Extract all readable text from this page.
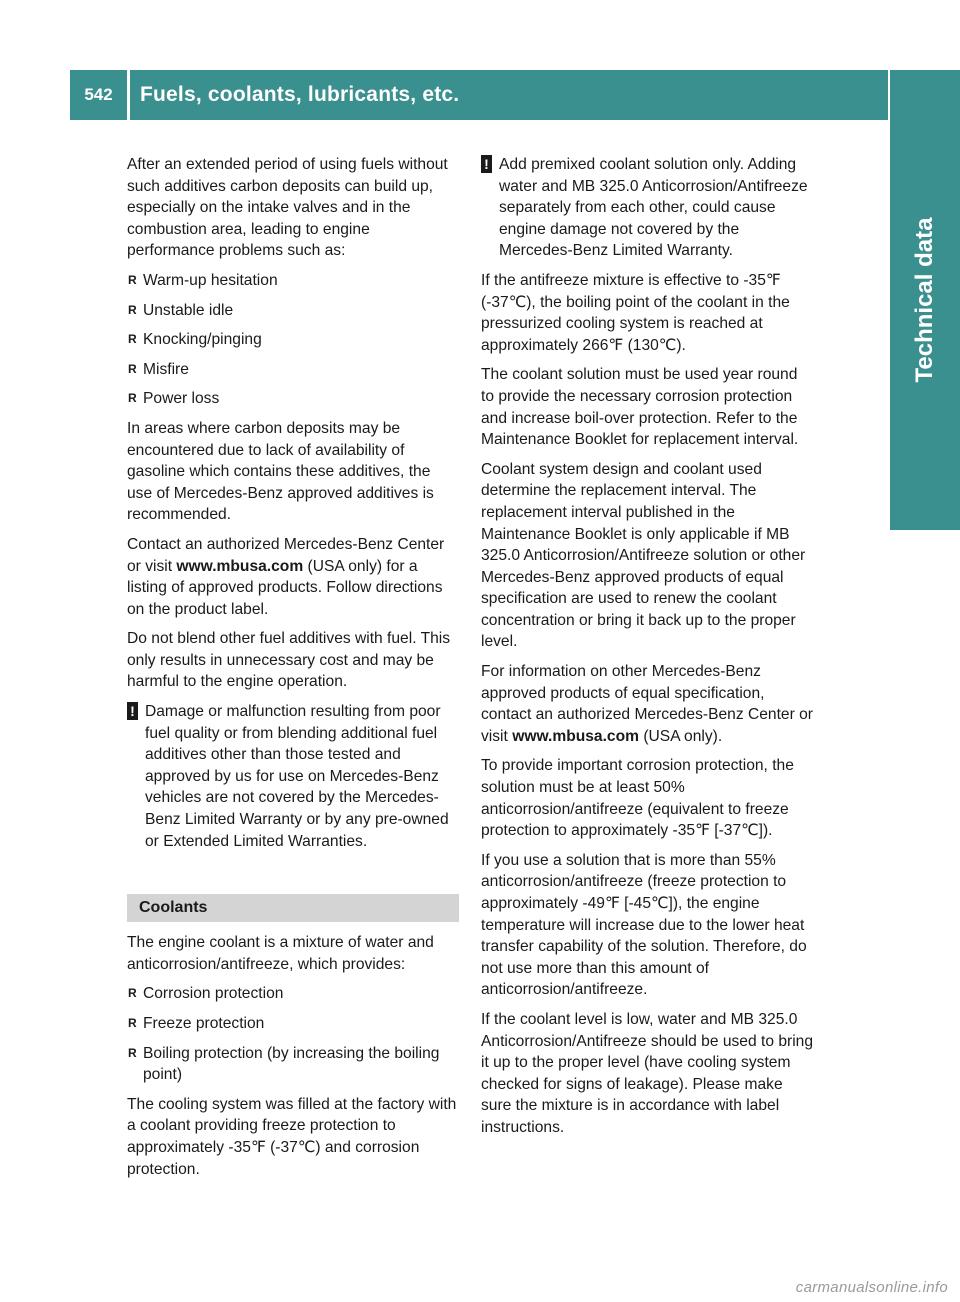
542	Fuels, coolants, lubricants, etc.
Technical data

After an extended period of using fuels without such additives carbon deposits can build up, especially on the intake valves and in the combustion area, leading to engine performance problems such as:

R Warm-up hesitation
R Unstable idle
R Knocking/pinging
R Misfire
R Power loss

In areas where carbon deposits may be encountered due to lack of availability of gasoline which contains these additives, the use of Mercedes-Benz approved additives is recommended.

Contact an authorized Mercedes-Benz Center or visit www.mbusa.com (USA only) for a listing of approved products. Follow directions on the product label.

Do not blend other fuel additives with fuel. This only results in unnecessary cost and may be harmful to the engine operation.

! Damage or malfunction resulting from poor fuel quality or from blending additional fuel additives other than those tested and approved by us for use on Mercedes-Benz vehicles are not covered by the Mercedes-Benz Limited Warranty or by any pre-owned or Extended Limited Warranties.
Coolants

The engine coolant is a mixture of water and anticorrosion/antifreeze, which provides:

R Corrosion protection
R Freeze protection
R Boiling protection (by increasing the boiling point)

The cooling system was filled at the factory with a coolant providing freeze protection to approximately -35℉ (-37℃) and corrosion protection.

! Add premixed coolant solution only. Adding water and MB 325.0 Anticorrosion/Antifreeze separately from each other, could cause engine damage not covered by the Mercedes-Benz Limited Warranty.

If the antifreeze mixture is effective to -35℉ (-37℃), the boiling point of the coolant in the pressurized cooling system is reached at approximately 266℉ (130℃).

The coolant solution must be used year round to provide the necessary corrosion protection and increase boil-over protection. Refer to the Maintenance Booklet for replacement interval.

Coolant system design and coolant used determine the replacement interval. The replacement interval published in the Maintenance Booklet is only applicable if MB 325.0 Anticorrosion/Antifreeze solution or other Mercedes-Benz approved products of equal specification are used to renew the coolant concentration or bring it back up to the proper level.

For information on other Mercedes-Benz approved products of equal specification, contact an authorized Mercedes-Benz Center or visit www.mbusa.com (USA only).

To provide important corrosion protection, the solution must be at least 50% anticorrosion/antifreeze (equivalent to freeze protection to approximately -35℉ [-37℃]).

If you use a solution that is more than 55% anticorrosion/antifreeze (freeze protection to approximately -49℉ [-45℃]), the engine temperature will increase due to the lower heat transfer capability of the solution. Therefore, do not use more than this amount of anticorrosion/antifreeze.

If the coolant level is low, water and MB 325.0 Anticorrosion/Antifreeze should be used to bring it up to the proper level (have cooling system checked for signs of leakage). Please make sure the mixture is in accordance with label instructions.

carmanualsonline.info
